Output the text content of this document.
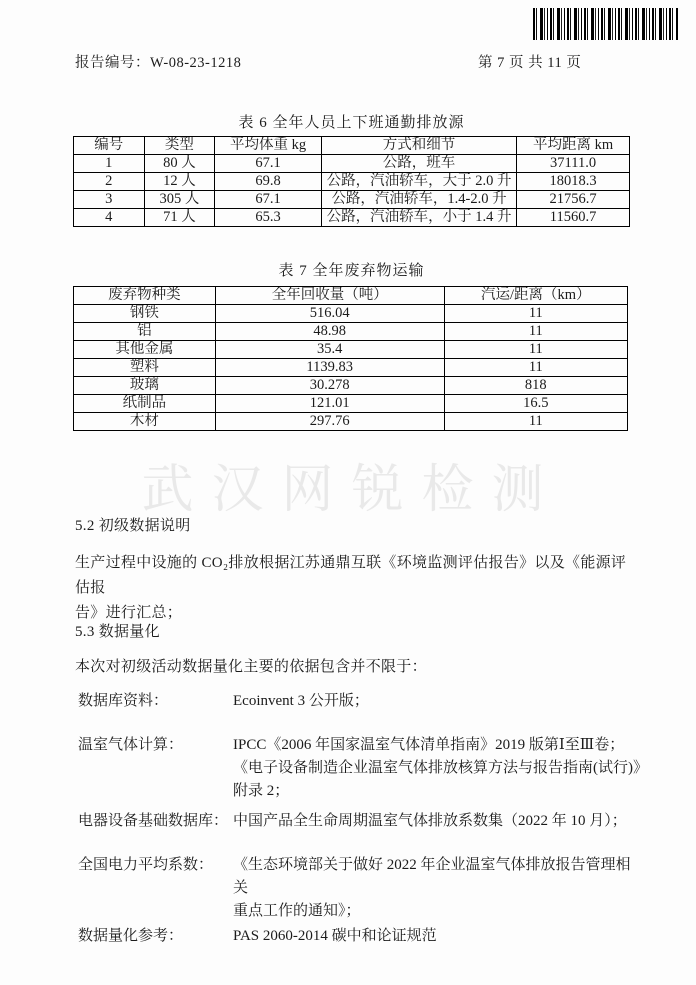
报告编号：W-08-23-1218	第 7 页 共 11 页
表 6 全年人员上下班通勤排放源
编号	类型	平均体重 kg	方式和细节	平均距离 km
1	80 人	67.1	公路，班车	37111.0
2	12 人	69.8	公路，汽油轿车，大于 2.0 升	18018.3
3	305 人	67.1	公路，汽油轿车，1.4-2.0 升	21756.7
4	71 人	65.3	公路，汽油轿车，小于 1.4 升	11560.7
表 7 全年废弃物运输
废弃物种类	全年回收量（吨）	汽运/距离（km）
钢铁	516.04	11
铝	48.98	11
其他金属	35.4	11
塑料	1139.83	11
玻璃	30.278	818
纸制品	121.01	16.5
木材	297.76	11
武汉网锐检测
5.2 初级数据说明
生产过程中设施的 CO₂排放根据江苏通鼎互联《环境监测评估报告》以及《能源评估报
告》进行汇总；
5.3 数据量化
本次对初级活动数据量化主要的依据包含并不限于：
数据库资料：	Ecoinvent 3 公开版；
温室气体计算：	IPCC《2006 年国家温室气体清单指南》2019 版第Ⅰ至Ⅲ卷；
《电子设备制造企业温室气体排放核算方法与报告指南(试行)》
附录 2；
电器设备基础数据库： 中国产品全生命周期温室气体排放系数集（2022 年 10 月）；
全国电力平均系数：	《生态环境部关于做好 2022 年企业温室气体排放报告管理相关
重点工作的通知》；
数据量化参考：	PAS 2060-2014 碳中和论证规范
